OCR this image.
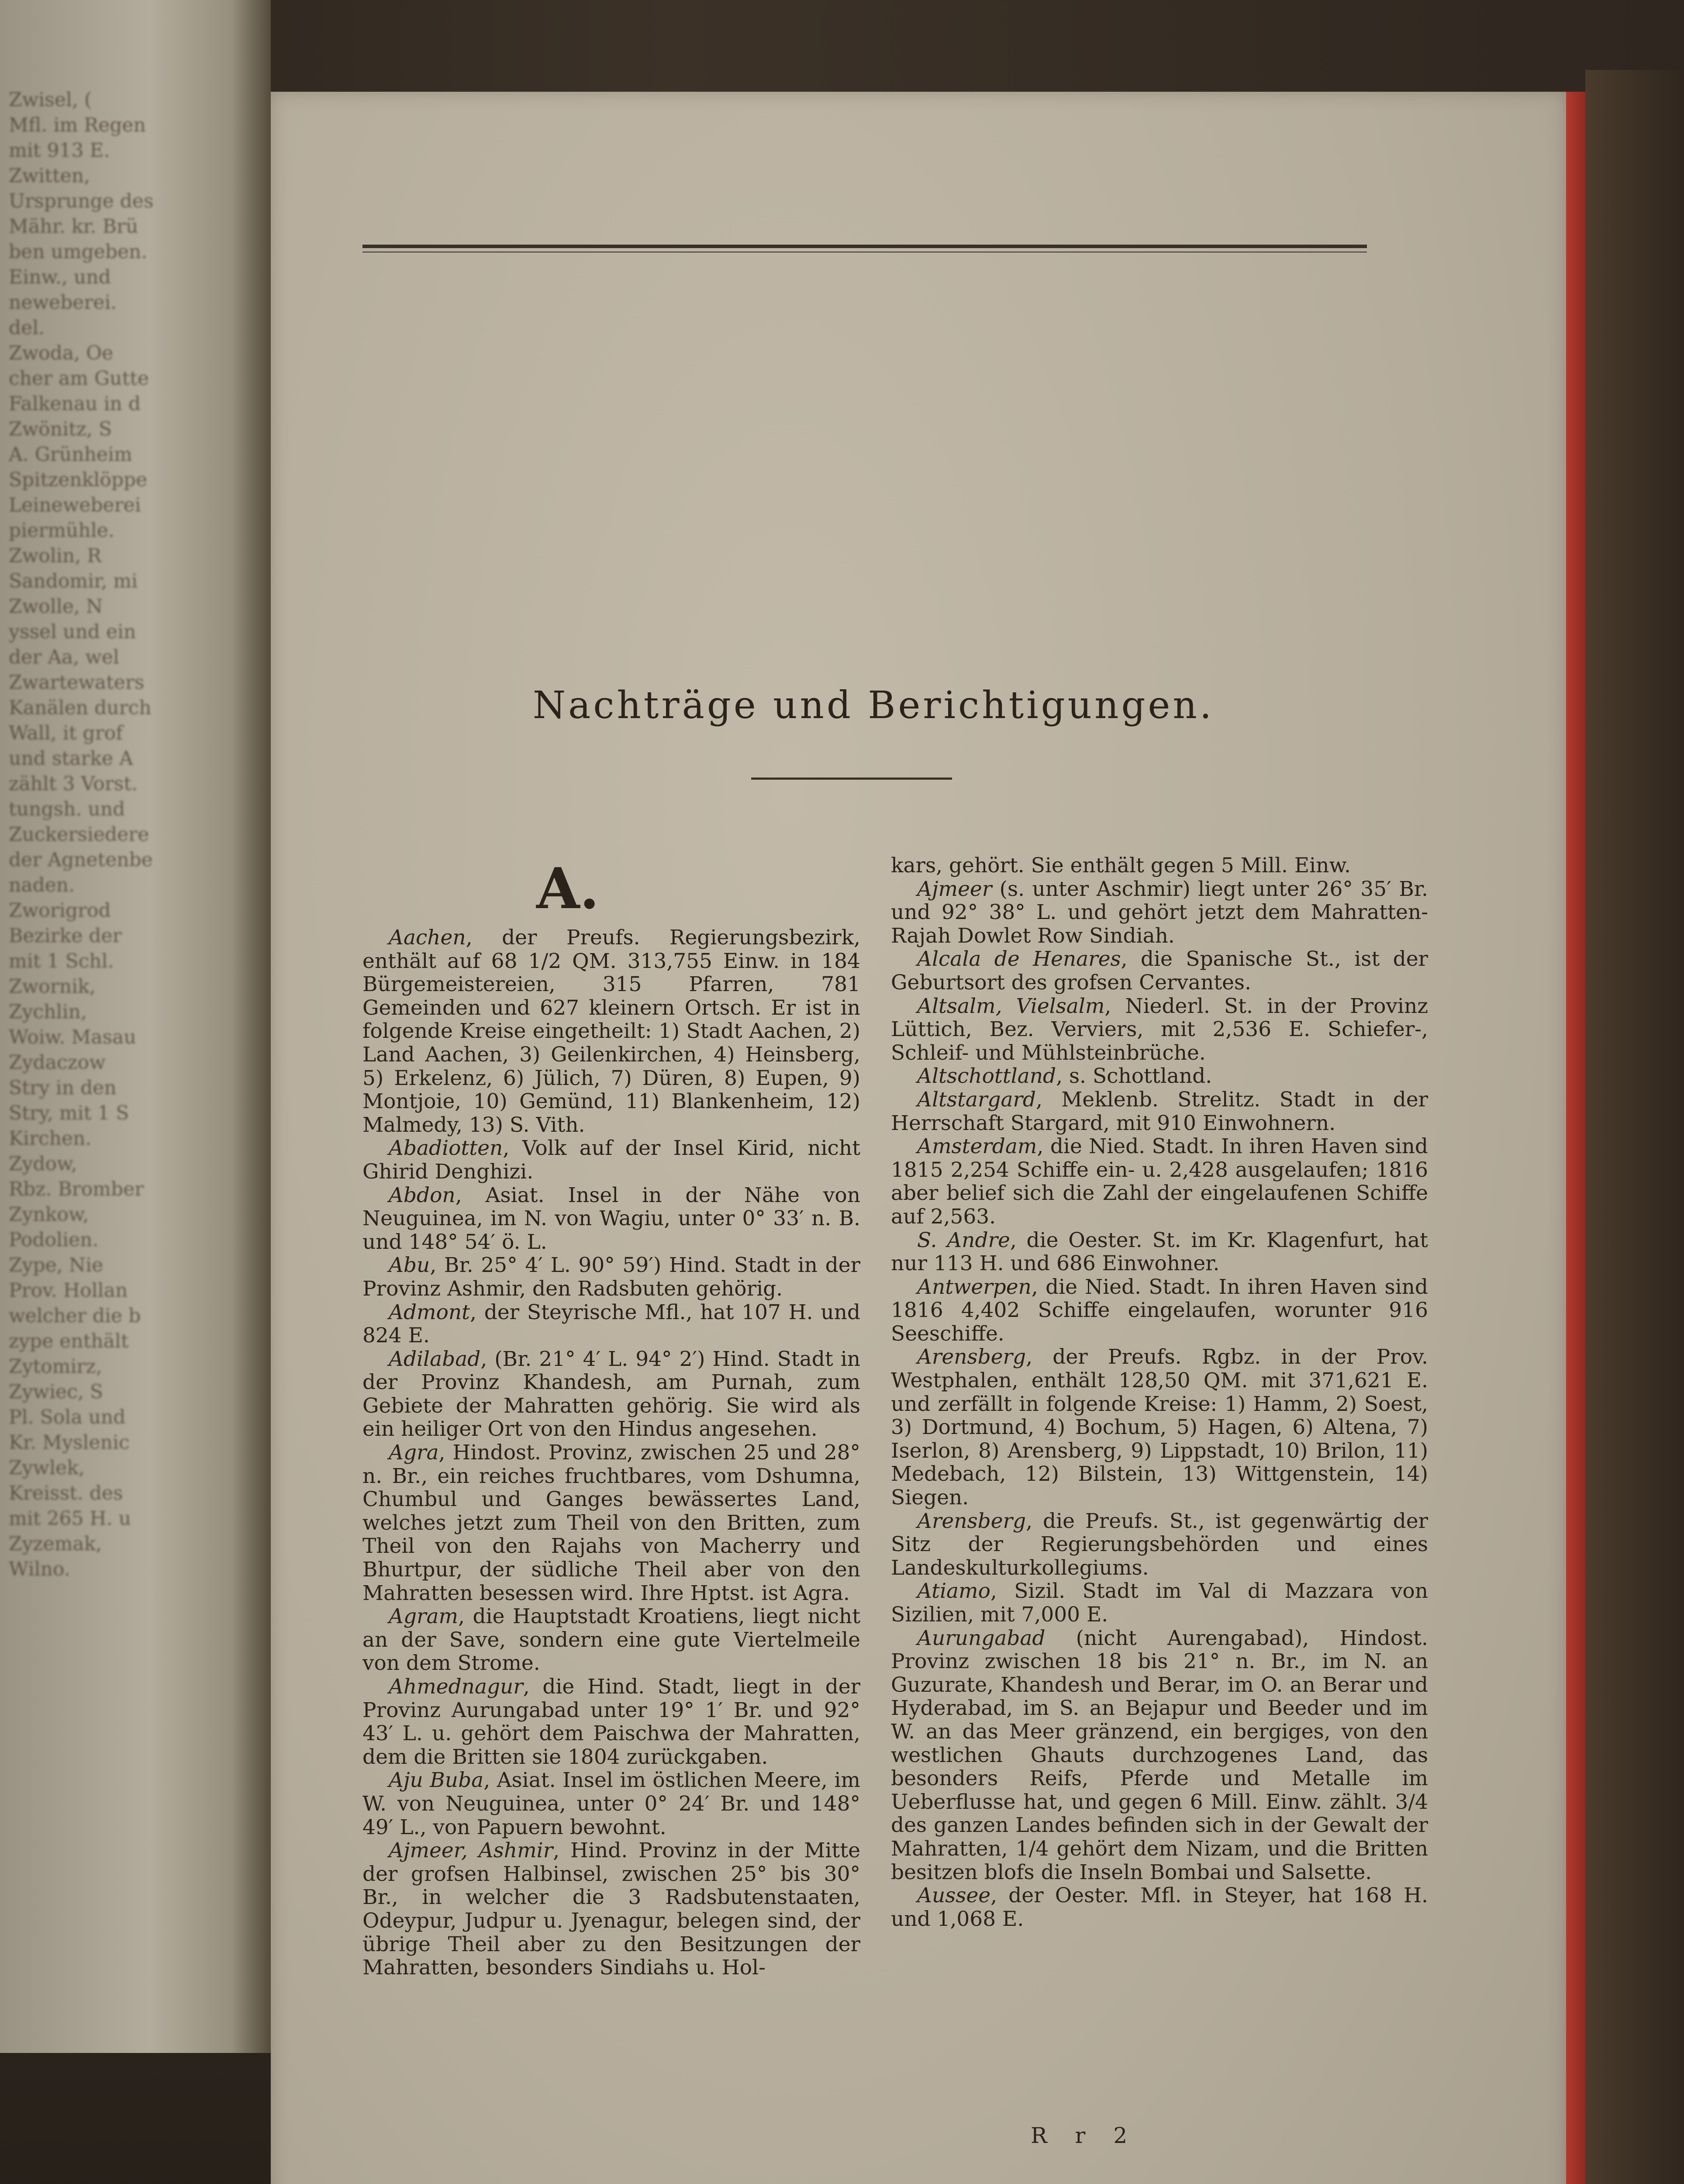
Zwisel, (
Mfl. im Regen
mit 913 E.
Zwitten,
Ursprunge des
Mähr. kr. Brü
ben umgeben.
Einw., und
neweberei.
del.
Zwoda, Oe
cher am Gutte
Falkenau in d
Zwönitz, S
A. Grünheim
Spitzenklöppe
Leineweberei
piermühle.
Zwolin, R
Sandomir, mi
Zwolle, N
yssel und ein
der Aa, wel
Zwartewaters
Kanälen durch
Wall, it grof
und starke A
zählt 3 Vorst.
tungsh. und
Zuckersiedere
der Agnetenbe
naden.
Zworigrod
Bezirke der
mit 1 Schl.
Zwornik,
Zychlin,
Woiw. Masau
Zydaczow
Stry in den
Stry, mit 1 S
Kirchen.
Zydow,
Rbz. Bromber
Zynkow,
Podolien.
Zype, Nie
Prov. Hollan
welcher die b
zype enthält
Zytomirz,
Zywiec, S
Pl. Sola und
Kr. Myslenic
Zywlek,
Kreisst. des
mit 265 H. u
Zyzemak,
Wilno.
Nachträge und Berichtigungen.
A.

Aachen, der Preufs. Regierungsbezirk, enthält auf 68 1/2 QM. 313,755 Einw. in 184 Bürgemeistereien, 315 Pfarren, 781 Gemeinden und 627 kleinern Ortsch. Er ist in folgende Kreise eingetheilt: 1) Stadt Aachen, 2) Land Aachen, 3) Geilenkirchen, 4) Heinsberg, 5) Erkelenz, 6) Jülich, 7) Düren, 8) Eupen, 9) Montjoie, 10) Gemünd, 11) Blankenheim, 12) Malmedy, 13) S. Vith.

Abadiotten, Volk auf der Insel Kirid, nicht Ghirid Denghizi.

Abdon, Asiat. Insel in der Nähe von Neuguinea, im N. von Wagiu, unter 0° 33′ n. B. und 148° 54′ ö. L.

Abu, Br. 25° 4′ L. 90° 59′) Hind. Stadt in der Provinz Ashmir, den Radsbuten gehörig.

Admont, der Steyrische Mfl., hat 107 H. und 824 E.

Adilabad, (Br. 21° 4′ L. 94° 2′) Hind. Stadt in der Provinz Khandesh, am Purnah, zum Gebiete der Mahratten gehörig. Sie wird als ein heiliger Ort von den Hindus angesehen.

Agra, Hindost. Provinz, zwischen 25 und 28° n. Br., ein reiches fruchtbares, vom Dshumna, Chumbul und Ganges bewässertes Land, welches jetzt zum Theil von den Britten, zum Theil von den Rajahs von Macherry und Bhurtpur, der südliche Theil aber von den Mahratten besessen wird. Ihre Hptst. ist Agra.

Agram, die Hauptstadt Kroatiens, liegt nicht an der Save, sondern eine gute Viertelmeile von dem Strome.

Ahmednagur, die Hind. Stadt, liegt in der Provinz Aurungabad unter 19° 1′ Br. und 92° 43′ L. u. gehört dem Paischwa der Mahratten, dem die Britten sie 1804 zurückgaben.

Aju Buba, Asiat. Insel im östlichen Meere, im W. von Neuguinea, unter 0° 24′ Br. und 148° 49′ L., von Papuern bewohnt.

Ajmeer, Ashmir, Hind. Provinz in der Mitte der grofsen Halbinsel, zwischen 25° bis 30° Br., in welcher die 3 Radsbutenstaaten, Odeypur, Judpur u. Jyenagur, belegen sind, der übrige Theil aber zu den Besitzungen der Mahratten, besonders Sindiahs u. Hol-

kars, gehört. Sie enthält gegen 5 Mill. Einw.

Ajmeer (s. unter Aschmir) liegt unter 26° 35′ Br. und 92° 38° L. und gehört jetzt dem Mahratten-Rajah Dowlet Row Sindiah.

Alcala de Henares, die Spanische St., ist der Geburtsort des grofsen Cervantes.

Altsalm, Vielsalm, Niederl. St. in der Provinz Lüttich, Bez. Verviers, mit 2,536 E. Schiefer-, Schleif- und Mühlsteinbrüche.

Altschottland, s. Schottland.

Altstargard, Meklenb. Strelitz. Stadt in der Herrschaft Stargard, mit 910 Einwohnern.

Amsterdam, die Nied. Stadt. In ihren Haven sind 1815 2,254 Schiffe ein- u. 2,428 ausgelaufen; 1816 aber belief sich die Zahl der eingelaufenen Schiffe auf 2,563.

S. Andre, die Oester. St. im Kr. Klagenfurt, hat nur 113 H. und 686 Einwohner.

Antwerpen, die Nied. Stadt. In ihren Haven sind 1816 4,402 Schiffe eingelaufen, worunter 916 Seeschiffe.

Arensberg, der Preufs. Rgbz. in der Prov. Westphalen, enthält 128,50 QM. mit 371,621 E. und zerfällt in folgende Kreise: 1) Hamm, 2) Soest, 3) Dortmund, 4) Bochum, 5) Hagen, 6) Altena, 7) Iserlon, 8) Arensberg, 9) Lippstadt, 10) Brilon, 11) Medebach, 12) Bilstein, 13) Wittgenstein, 14) Siegen.

Arensberg, die Preufs. St., ist gegenwärtig der Sitz der Regierungsbehörden und eines Landeskulturkollegiums.

Atiamo, Sizil. Stadt im Val di Mazzara von Sizilien, mit 7,000 E.

Aurungabad (nicht Aurengabad), Hindost. Provinz zwischen 18 bis 21° n. Br., im N. an Guzurate, Khandesh und Berar, im O. an Berar und Hyderabad, im S. an Bejapur und Beeder und im W. an das Meer gränzend, ein bergiges, von den westlichen Ghauts durchzogenes Land, das besonders Reifs, Pferde und Metalle im Ueberflusse hat, und gegen 6 Mill. Einw. zählt. 3/4 des ganzen Landes befinden sich in der Gewalt der Mahratten, 1/4 gehört dem Nizam, und die Britten besitzen blofs die Inseln Bombai und Salsette.

Aussee, der Oester. Mfl. in Steyer, hat 168 H. und 1,068 E.

R r 2
